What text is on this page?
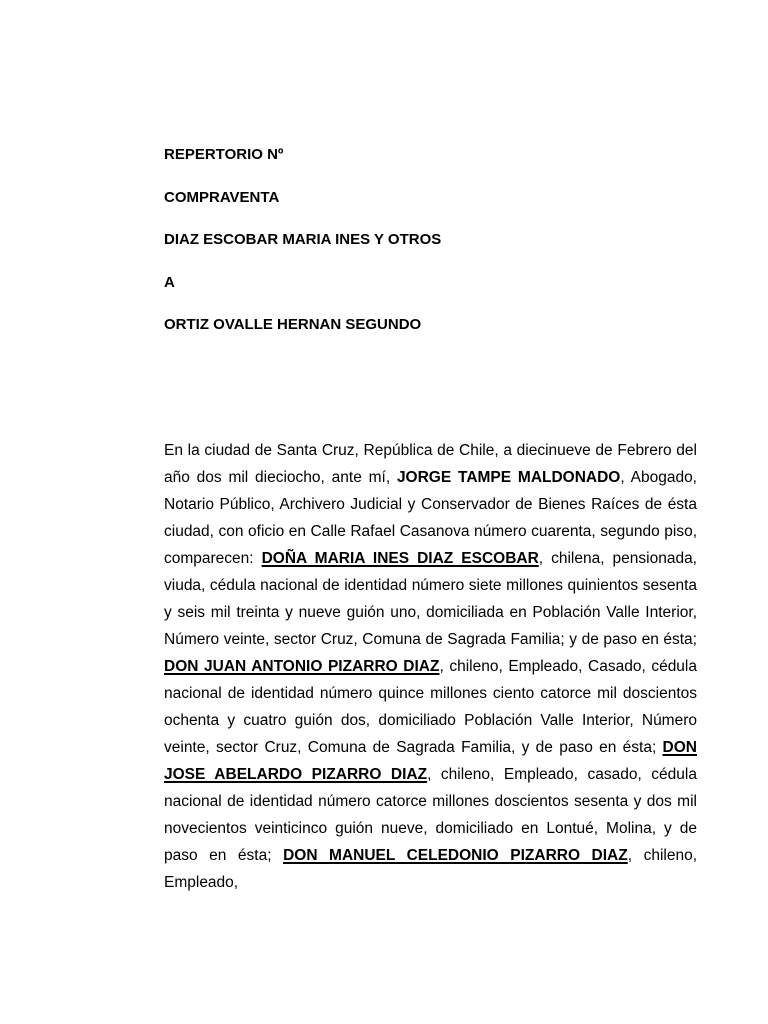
REPERTORIO Nº
COMPRAVENTA
DIAZ ESCOBAR MARIA INES Y OTROS
A
ORTIZ OVALLE HERNAN SEGUNDO

En la ciudad de Santa Cruz, República de Chile, a diecinueve de Febrero del año dos mil dieciocho, ante mí, JORGE TAMPE MALDONADO, Abogado, Notario Público, Archivero Judicial y Conservador de Bienes Raíces de ésta ciudad, con oficio en Calle Rafael Casanova número cuarenta, segundo piso, comparecen: DOÑA MARIA INES DIAZ ESCOBAR, chilena, pensionada, viuda, cédula nacional de identidad número siete millones quinientos sesenta y seis mil treinta y nueve guión uno, domiciliada en Población Valle Interior, Número veinte, sector Cruz, Comuna de Sagrada Familia; y de paso en ésta; DON JUAN ANTONIO PIZARRO DIAZ, chileno, Empleado, Casado, cédula nacional de identidad número quince millones ciento catorce mil doscientos ochenta y cuatro guión dos, domiciliado Población Valle Interior, Número veinte, sector Cruz, Comuna de Sagrada Familia, y de paso en ésta; DON JOSE ABELARDO PIZARRO DIAZ, chileno, Empleado, casado, cédula nacional de identidad número catorce millones doscientos sesenta y dos mil novecientos veinticinco guión nueve, domiciliado en Lontué, Molina, y de paso en ésta; DON MANUEL CELEDONIO PIZARRO DIAZ, chileno, Empleado,
